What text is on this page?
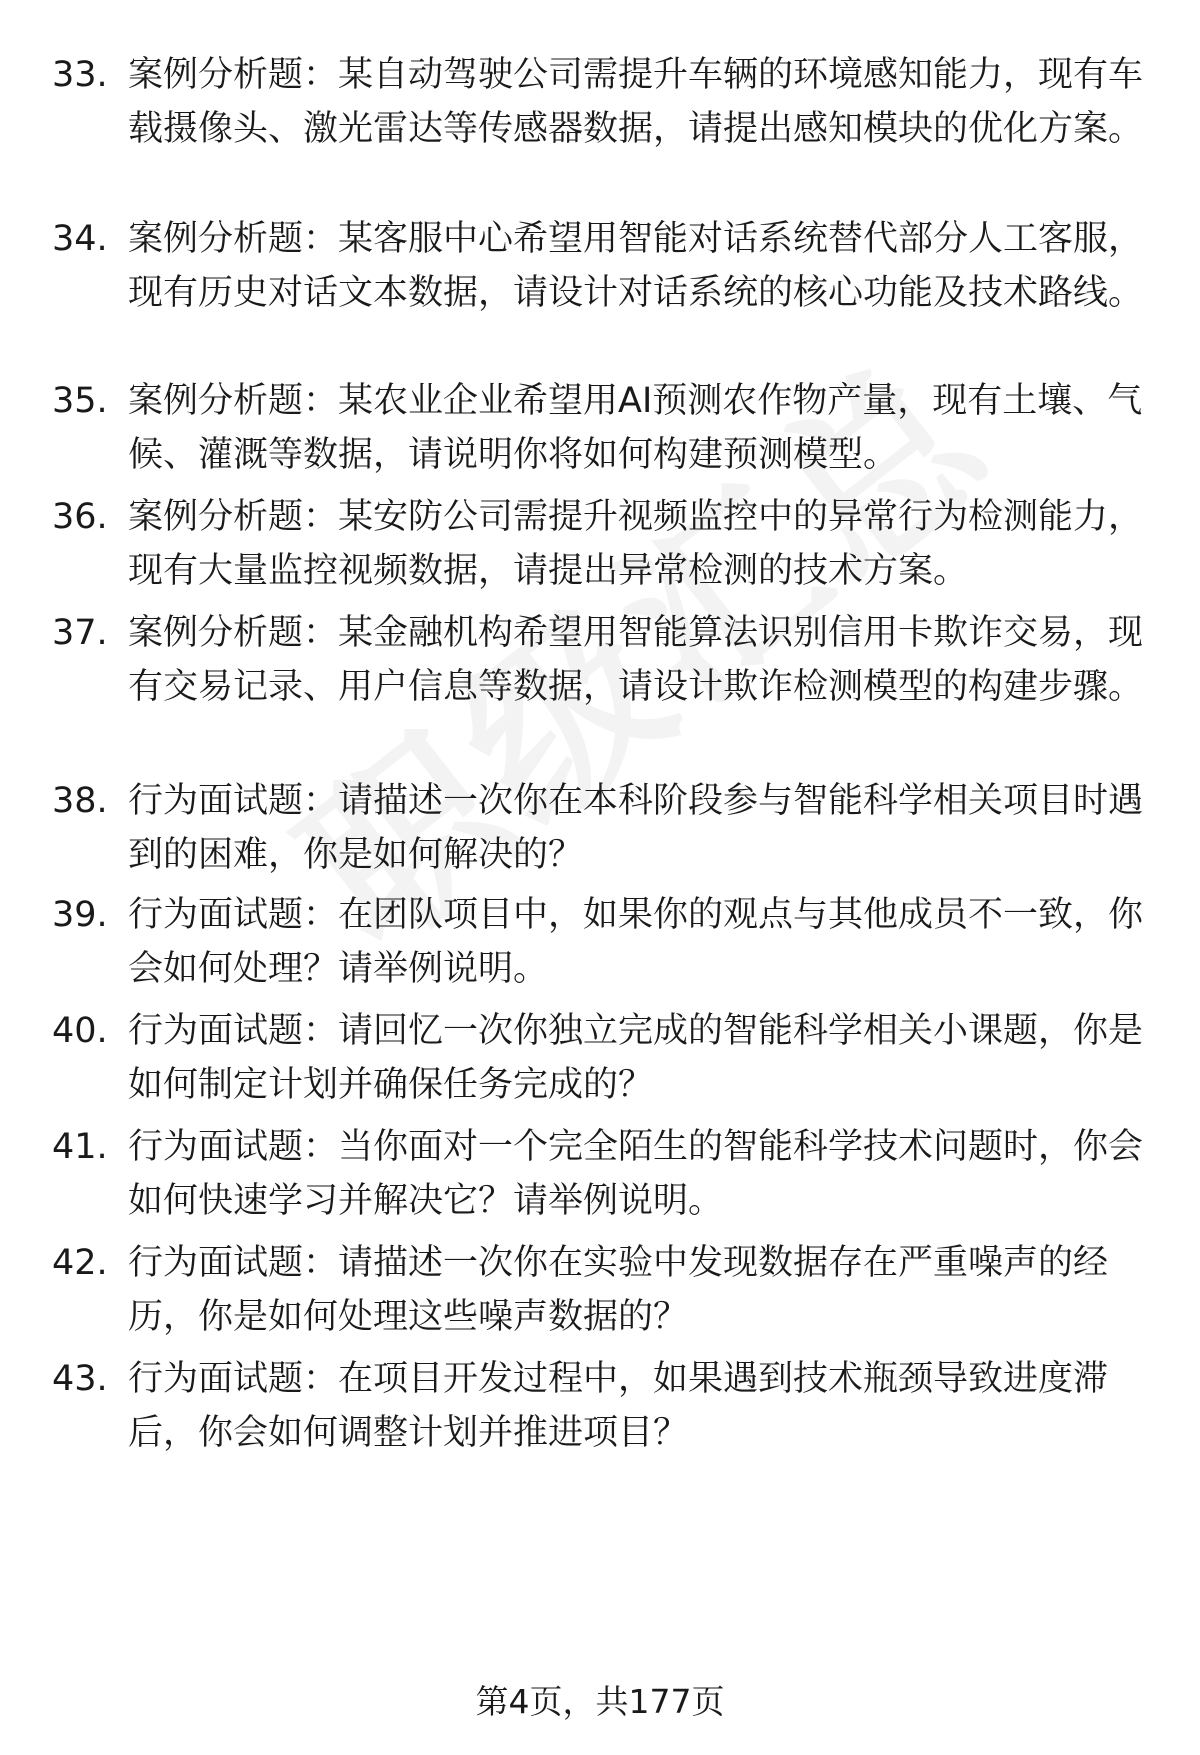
33. 案例分析题：某自动驾驶公司需提升车辆的环境感知能力，现有车载摄像头、激光雷达等传感器数据，请提出感知模块的优化方案。
34. 案例分析题：某客服中心希望用智能对话系统替代部分人工客服，现有历史对话文本数据，请设计对话系统的核心功能及技术路线。
35. 案例分析题：某农业企业希望用AI预测农作物产量，现有土壤、气候、灌溉等数据，请说明你将如何构建预测模型。
36. 案例分析题：某安防公司需提升视频监控中的异常行为检测能力，现有大量监控视频数据，请提出异常检测的技术方案。
37. 案例分析题：某金融机构希望用智能算法识别信用卡欺诈交易，现有交易记录、用户信息等数据，请设计欺诈检测模型的构建步骤。
38. 行为面试题：请描述一次你在本科阶段参与智能科学相关项目时遇到的困难，你是如何解决的？
39. 行为面试题：在团队项目中，如果你的观点与其他成员不一致，你会如何处理？请举例说明。
40. 行为面试题：请回忆一次你独立完成的智能科学相关小课题，你是如何制定计划并确保任务完成的？
41. 行为面试题：当你面对一个完全陌生的智能科学技术问题时，你会如何快速学习并解决它？请举例说明。
42. 行为面试题：请描述一次你在实验中发现数据存在严重噪声的经历，你是如何处理这些噪声数据的？
43. 行为面试题：在项目开发过程中，如果遇到技术瓶颈导致进度滞后，你会如何调整计划并推进项目？
第4页，共177页
